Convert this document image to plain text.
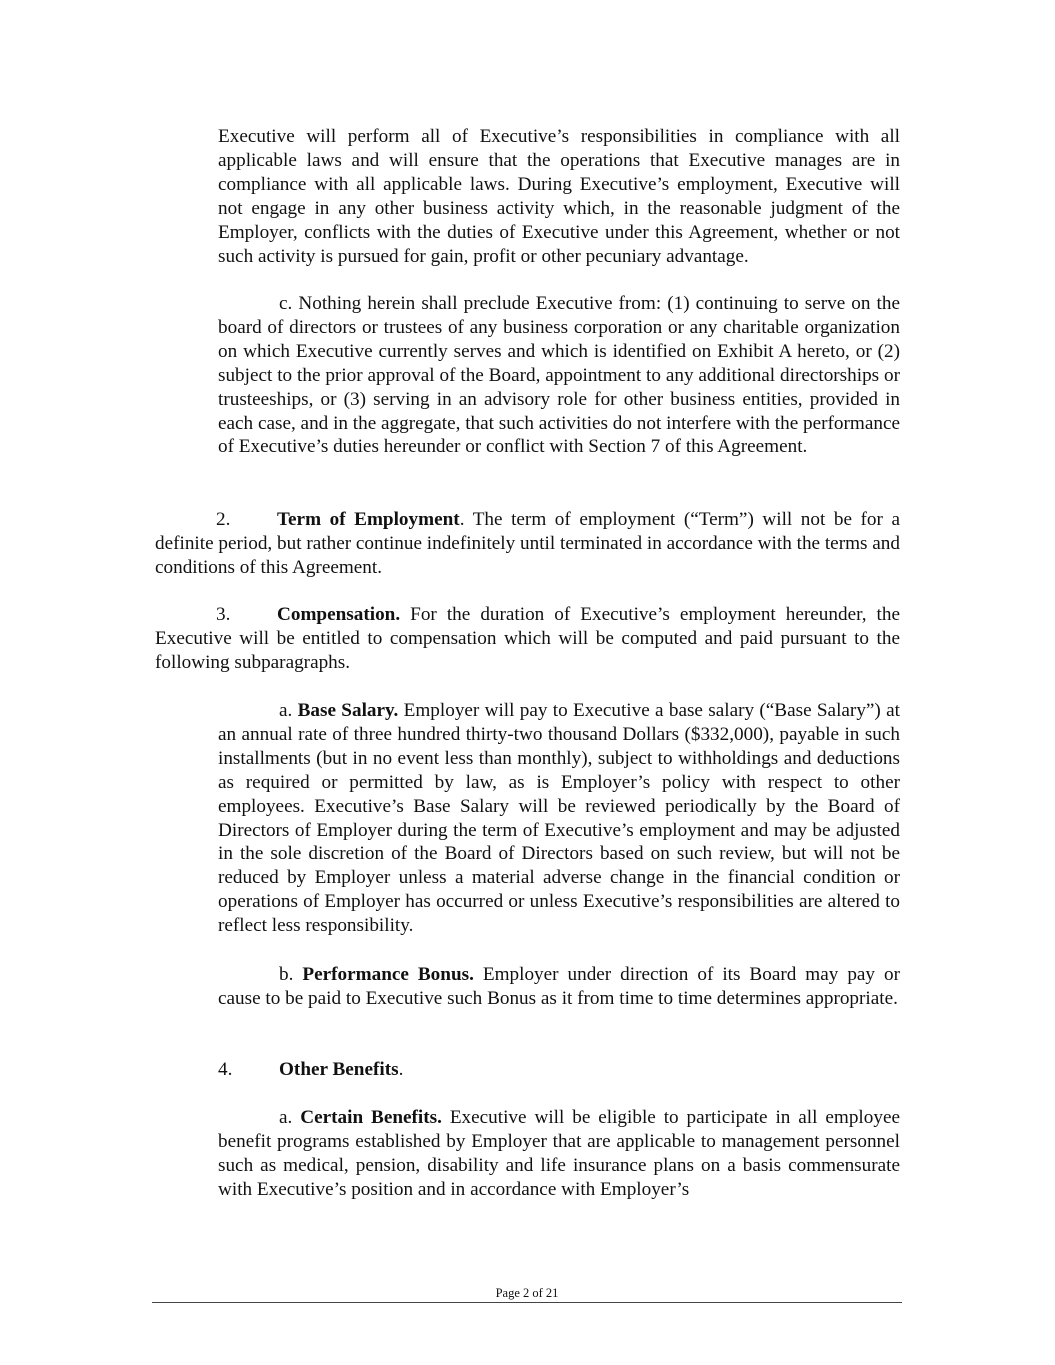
Executive will perform all of Executive’s responsibilities in compliance with all applicable laws and will ensure that the operations that Executive manages are in compliance with all applicable laws. During Executive’s employment, Executive will not engage in any other business activity which, in the reasonable judgment of the Employer, conflicts with the duties of Executive under this Agreement, whether or not such activity is pursued for gain, profit or other pecuniary advantage.

c. Nothing herein shall preclude Executive from: (1) continuing to serve on the board of directors or trustees of any business corporation or any charitable organization on which Executive currently serves and which is identified on Exhibit A hereto, or (2) subject to the prior approval of the Board, appointment to any additional directorships or trusteeships, or (3) serving in an advisory role for other business entities, provided in each case, and in the aggregate, that such activities do not interfere with the performance of Executive’s duties hereunder or conflict with Section 7 of this Agreement.

2. Term of Employment. The term of employment (“Term”) will not be for a definite period, but rather continue indefinitely until terminated in accordance with the terms and conditions of this Agreement.

3. Compensation. For the duration of Executive’s employment hereunder, the Executive will be entitled to compensation which will be computed and paid pursuant to the following subparagraphs.

a. Base Salary. Employer will pay to Executive a base salary (“Base Salary”) at an annual rate of three hundred thirty-two thousand Dollars ($332,000), payable in such installments (but in no event less than monthly), subject to withholdings and deductions as required or permitted by law, as is Employer’s policy with respect to other employees. Executive’s Base Salary will be reviewed periodically by the Board of Directors of Employer during the term of Executive’s employment and may be adjusted in the sole discretion of the Board of Directors based on such review, but will not be reduced by Employer unless a material adverse change in the financial condition or operations of Employer has occurred or unless Executive’s responsibilities are altered to reflect less responsibility.

b. Performance Bonus. Employer under direction of its Board may pay or cause to be paid to Executive such Bonus as it from time to time determines appropriate.

4. Other Benefits.

a. Certain Benefits. Executive will be eligible to participate in all employee benefit programs established by Employer that are applicable to management personnel such as medical, pension, disability and life insurance plans on a basis commensurate with Executive’s position and in accordance with Employer’s

Page 2 of 21
